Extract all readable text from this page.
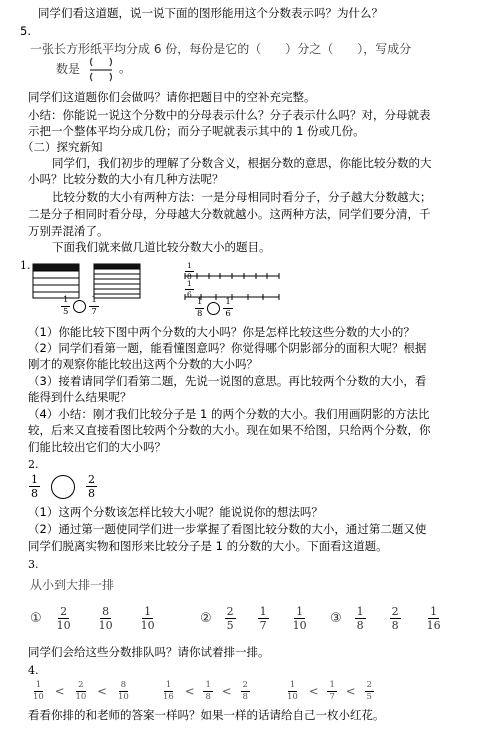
同学们看这道题，说一说下面的图形能用这个分数表示吗？为什么？
5.
一张长方形纸平均分成 6 份，每份是它的（　　）分之（　　），写成分
数是	。
同学们这道题你们会做吗？请你把题目中的空补充完整。
小结：你能说一说这个分数中的分母表示什么？分子表示什么吗？对，分母就表
示把一个整体平均分成几份；而分子呢就表示其中的 1 份或几份。
（二）探究新知
同学们，我们初步的理解了分数含义，根据分数的意思，你能比较分数的大
小吗？比较分数的大小有几种方法呢？
比较分数的大小有两种方法：一是分母相同时看分子，分子越大分数越大；
二是分子相同时看分母，分母越大分数就越小。这两种方法，同学们要分清，千
万别弄混淆了。
下面我们就来做几道比较分数大小的题目。
1.
$\frac{1}{5} \frac{1}{7}$
$\frac{1}{8}$
$\frac{1}{6}$
$\frac{1}{8} \frac{1}{6}$
（1）你能比较下图中两个分数的大小吗？你是怎样比较这些分数的大小的？
（2）同学们看第一题，能看懂图意吗？你觉得哪个阴影部分的面积大呢？根据
刚才的观察你能比较出这两个分数的大小吗？
（3）接着请同学们看第二题，先说一说图的意思。再比较两个分数的大小，看
能得到什么结果呢？
（4）小结：刚才我们比较分子是 1 的两个分数的大小。我们用画阴影的方法比
较，后来又直接看图比较两个分数的大小。现在如果不给图，只给两个分数，你
们能比较出它们的大小吗？
2.
$\frac{1}{8}$	$\frac{2}{8}$
（1）这两个分数该怎样比较大小呢？能说说你的想法吗？
（2）通过第一题使同学们进一步掌握了看图比较分数的大小，通过第二题又使
同学们脱离实物和图形来比较分子是 1 的分数的大小。下面看这道题。
3.
从小到大排一排
① $\frac{2}{10} \frac{8}{10} \frac{1}{10}$	② $\frac{2}{5} \frac{1}{7} \frac{1}{10}$ ③ $\frac{1}{8} \frac{2}{8} \frac{1}{16}$
同学们会给这些分数排队吗？请你试着排一排。
4.
$\frac{1}{10} < \frac{2}{10} < \frac{8}{10}$	$\frac{1}{16} < \frac{1}{8} < \frac{2}{8}$	$\frac{1}{10} < \frac{1}{7} < \frac{2}{5}$
看看你排的和老师的答案一样吗？如果一样的话请给自己一枚小红花。
